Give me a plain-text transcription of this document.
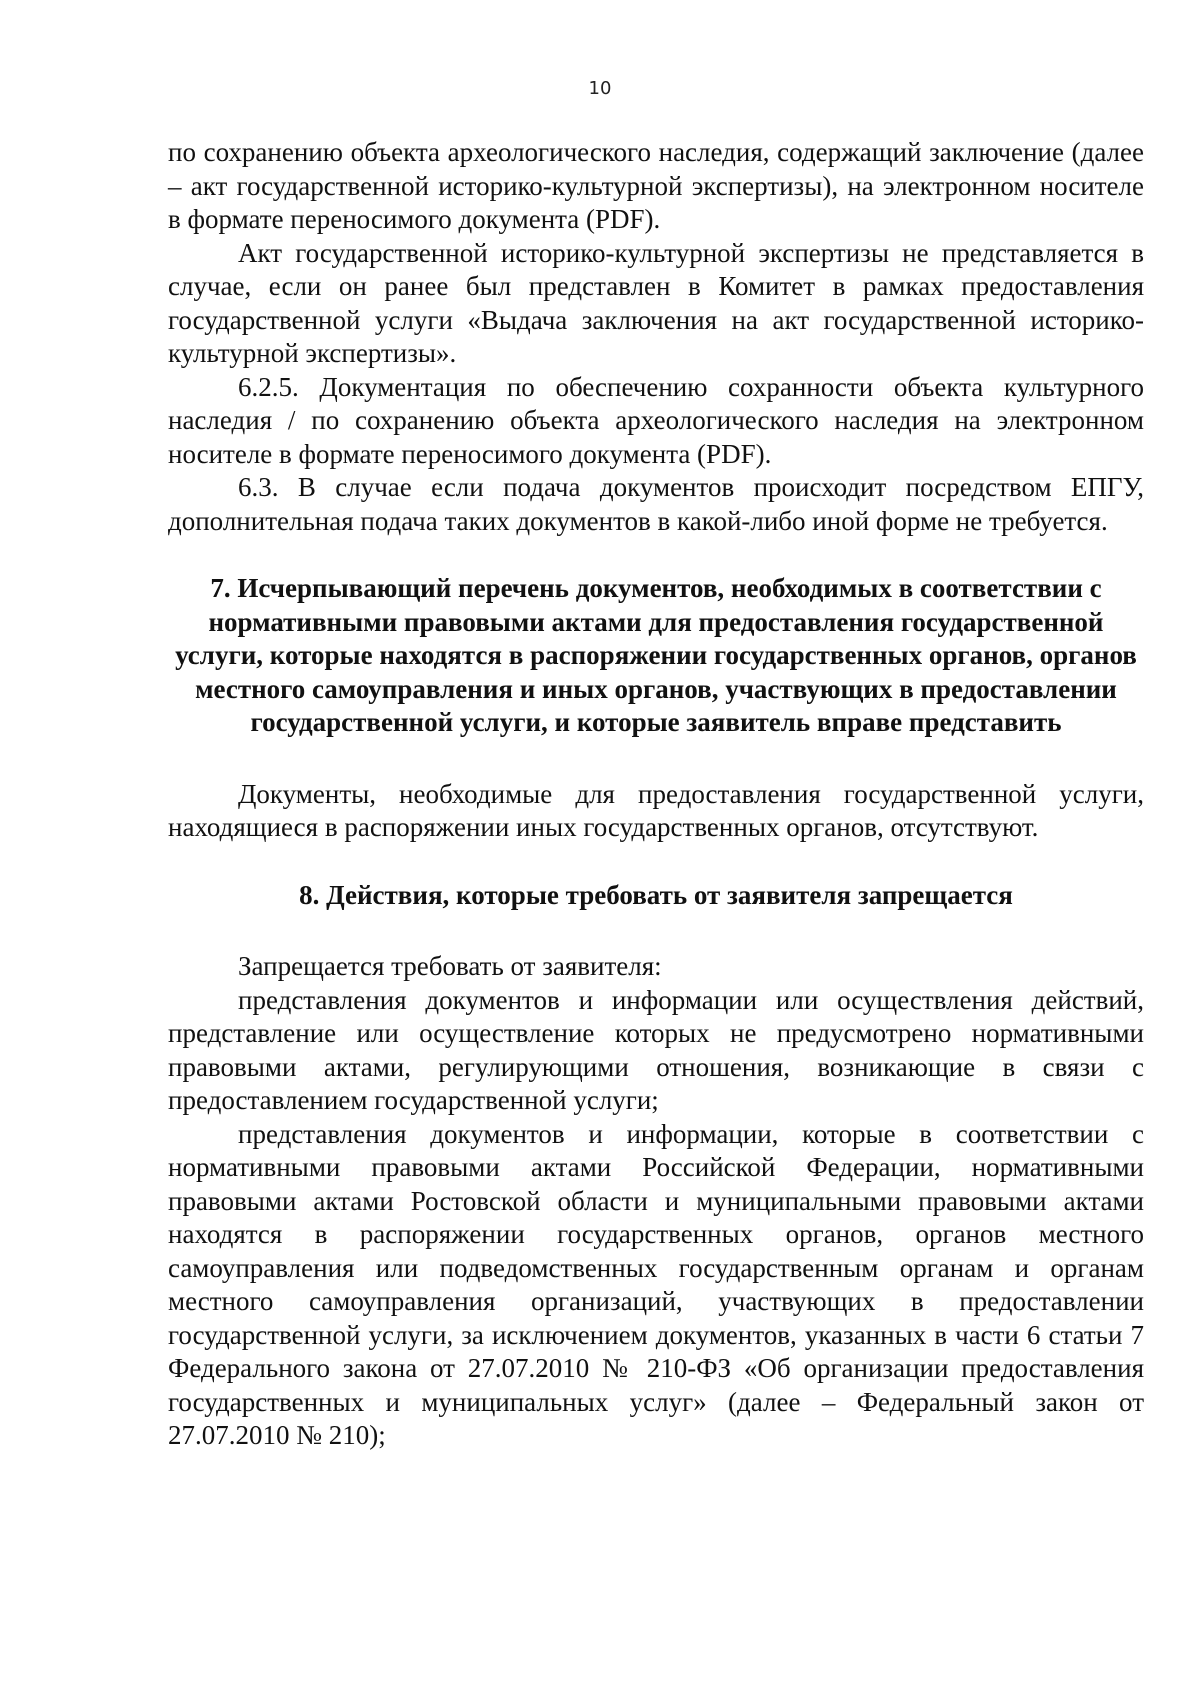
10

по сохранению объекта археологического наследия, содержащий заключение (далее – акт государственной историко-культурной экспертизы), на электронном носителе в формате переносимого документа (PDF).

Акт государственной историко-культурной экспертизы не представляется в случае, если он ранее был представлен в Комитет в рамках предоставления государственной услуги «Выдача заключения на акт государственной историко-культурной экспертизы».

6.2.5. Документация по обеспечению сохранности объекта культурного наследия / по сохранению объекта археологического наследия на электронном носителе в формате переносимого документа (PDF).

6.3. В случае если подача документов происходит посредством ЕПГУ, дополнительная подача таких документов в какой-либо иной форме не требуется.

7. Исчерпывающий перечень документов, необходимых в соответствии с нормативными правовыми актами для предоставления государственной услуги, которые находятся в распоряжении государственных органов, органов местного самоуправления и иных органов, участвующих в предоставлении государственной услуги, и которые заявитель вправе представить

Документы, необходимые для предоставления государственной услуги, находящиеся в распоряжении иных государственных органов, отсутствуют.

8. Действия, которые требовать от заявителя запрещается

Запрещается требовать от заявителя:

представления документов и информации или осуществления действий, представление или осуществление которых не предусмотрено нормативными правовыми актами, регулирующими отношения, возникающие в связи с предоставлением государственной услуги;

представления документов и информации, которые в соответствии с нормативными правовыми актами Российской Федерации, нормативными правовыми актами Ростовской области и муниципальными правовыми актами находятся в распоряжении государственных органов, органов местного самоуправления или подведомственных государственным органам и органам местного самоуправления организаций, участвующих в предоставлении государственной услуги, за исключением документов, указанных в части 6 статьи 7 Федерального закона от 27.07.2010 № 210-ФЗ «Об организации предоставления государственных и муниципальных услуг» (далее – Федеральный закон от 27.07.2010 № 210);
